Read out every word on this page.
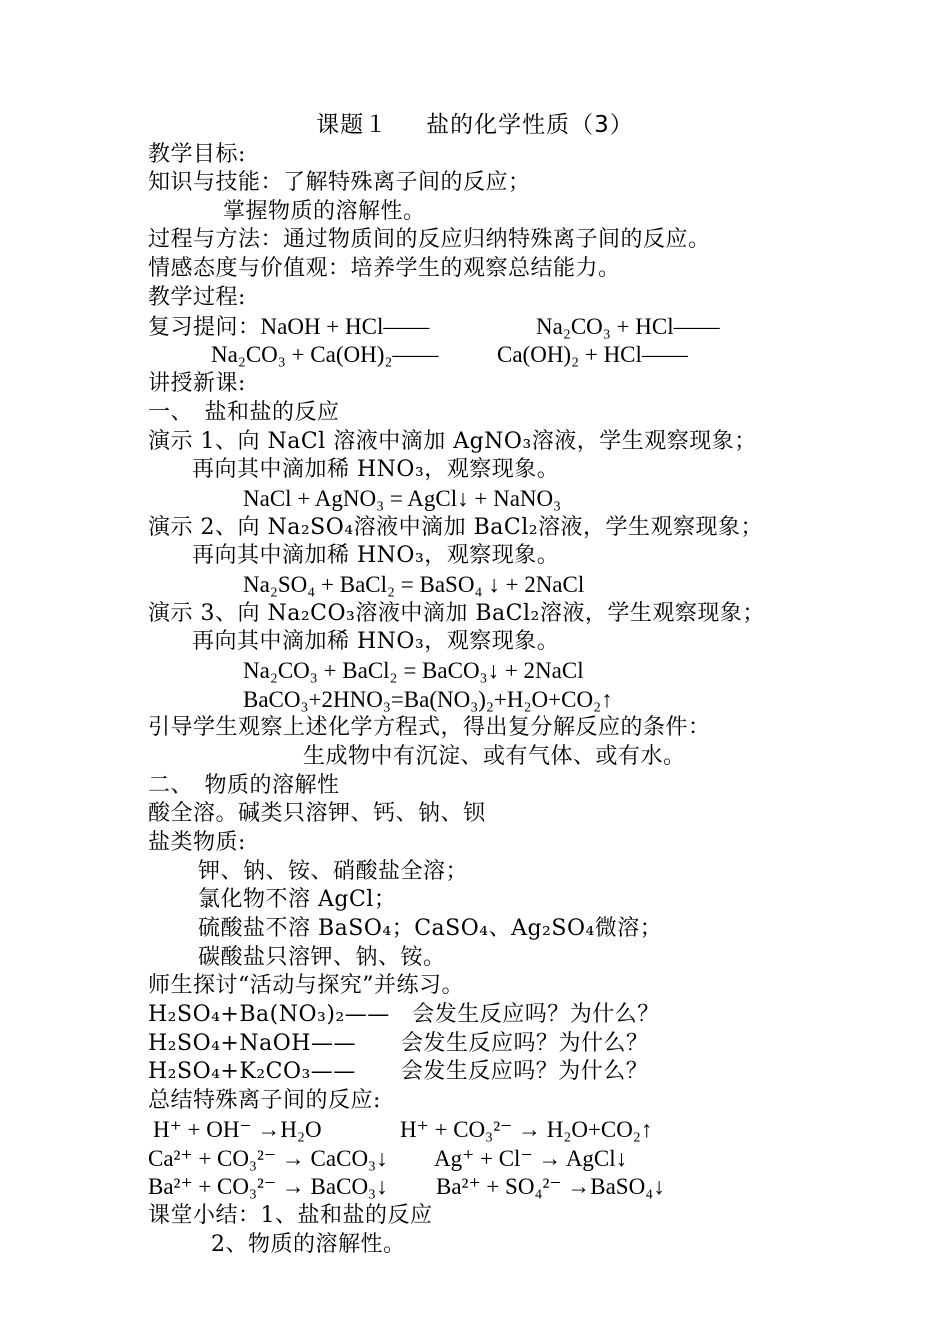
课题１ 盐的化学性质（3）
教学目标:
知识与技能：了解特殊离子间的反应；
掌握物质的溶解性。
过程与方法：通过物质间的反应归纳特殊离子间的反应。
情感态度与价值观：培养学生的观察总结能力。
教学过程:
复习提问：NaOH + HCl——	Na₂CO₃ + HCl——
Na₂CO₃ + Ca(OH)₂——	Ca(OH)₂ + HCl——
讲授新课:
一、　盐和盐的反应
演示 1、向 NaCl 溶液中滴加 AgNO₃溶液，学生观察现象；
再向其中滴加稀 HNO₃，观察现象。
NaCl + AgNO₃ = AgCl↓ + NaNO₃
演示 2、向 Na₂SO₄溶液中滴加 BaCl₂溶液，学生观察现象；
再向其中滴加稀 HNO₃，观察现象。
Na₂SO₄ + BaCl₂ = BaSO₄ ↓ + 2NaCl
演示 3、向 Na₂CO₃溶液中滴加 BaCl₂溶液，学生观察现象；
再向其中滴加稀 HNO₃，观察现象。
Na₂CO₃ + BaCl₂ = BaCO₃↓ + 2NaCl
BaCO₃+2HNO₃=Ba(NO₃)₂+H₂O+CO₂↑
引导学生观察上述化学方程式，得出复分解反应的条件：
生成物中有沉淀、或有气体、或有水。
二、　物质的溶解性
酸全溶。碱类只溶钾、钙、钠、钡
盐类物质:
钾、钠、铵、硝酸盐全溶；
氯化物不溶 AgCl；
硫酸盐不溶 BaSO₄；CaSO₄、Ag₂SO₄微溶；
碳酸盐只溶钾、钠、铵。
师生探讨“活动与探究”并练习。
H₂SO₄+Ba(NO₃)₂——　会发生反应吗？为什么？
H₂SO₄+NaOH——　　会发生反应吗？为什么？
H₂SO₄+K₂CO₃——　　会发生反应吗？为什么？
总结特殊离子间的反应:
H⁺ + OH⁻ →H₂O	H⁺ + CO₃²⁻ → H₂O+CO₂↑
Ca²⁺ + CO₃²⁻ → CaCO₃↓ Ag⁺ + Cl⁻ → AgCl↓
Ba²⁺ + CO₃²⁻ → BaCO₃↓ Ba²⁺ + SO₄²⁻ →BaSO₄↓
课堂小结：1、盐和盐的反应
2、物质的溶解性。
